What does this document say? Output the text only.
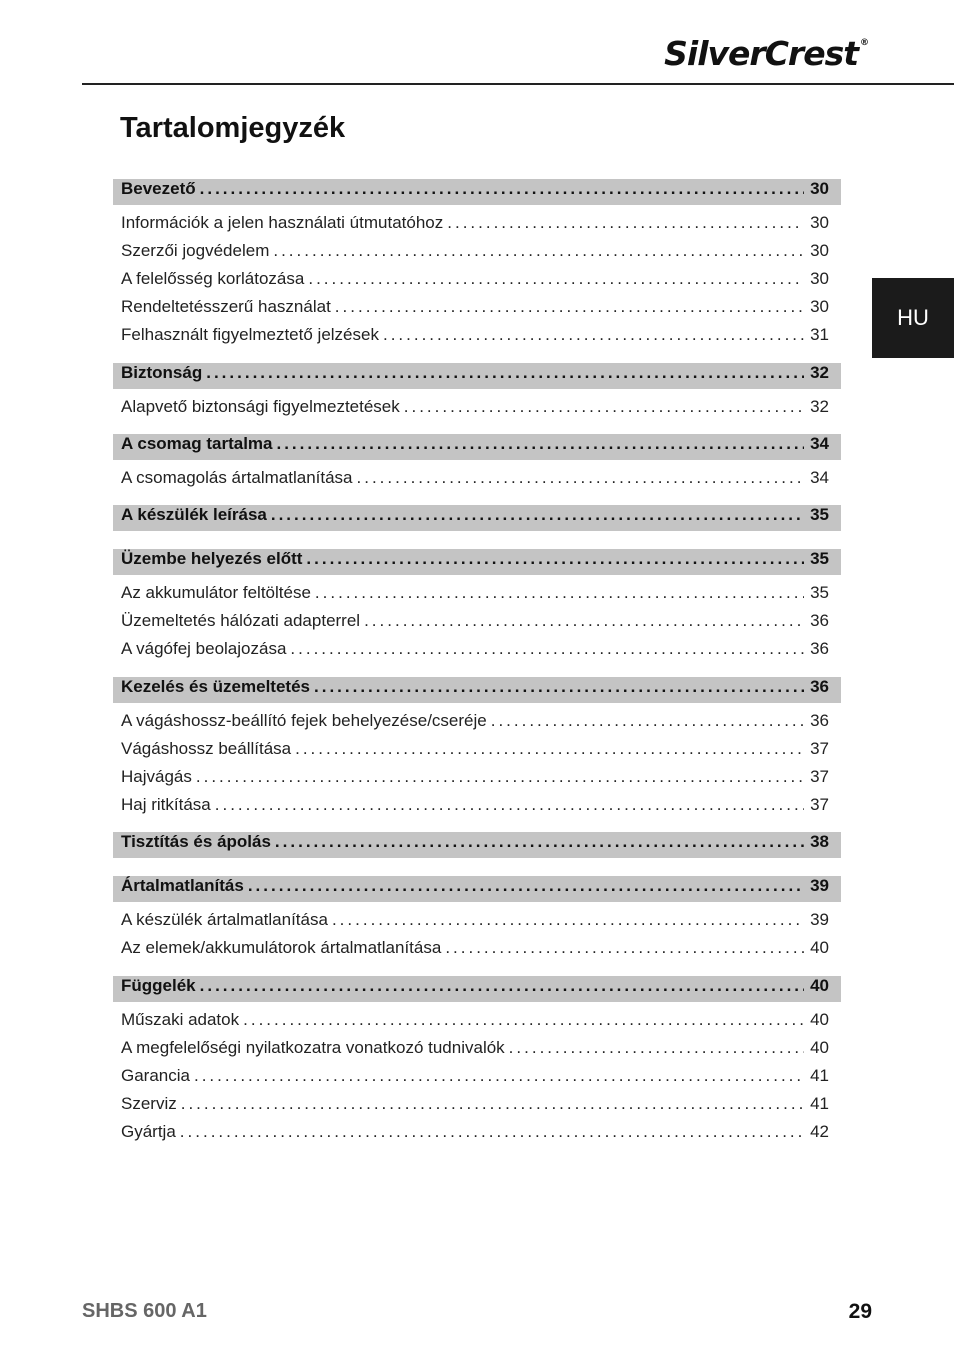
SilverCrest ®
Tartalomjegyzék
HU
Bevezető .....	30
Információk a jelen használati útmutatóhoz .....	30
Szerzői jogvédelem .....	30
A felelősség korlátozása .....	30
Rendeltetésszerű használat .....	30
Felhasznált figyelmeztető jelzések .....	31
Biztonság .....	32
Alapvető biztonsági figyelmeztetések .....	32
A csomag tartalma .....	34
A csomagolás ártalmatlanítása .....	34
A készülék leírása .....	35
Üzembe helyezés előtt .....	35
Az akkumulátor feltöltése .....	35
Üzemeltetés hálózati adapterrel .....	36
A vágófej beolajozása .....	36
Kezelés és üzemeltetés .....	36
A vágáshossz-beállító fejek behelyezése/cseréje .....	36
Vágáshossz beállítása .....	37
Hajvágás .....	37
Haj ritkítása .....	37
Tisztítás és ápolás .....	38
Ártalmatlanítás .....	39
A készülék ártalmatlanítása .....	39
Az elemek/akkumulátorok ártalmatlanítása .....	40
Függelék .....	40
Műszaki adatok .....	40
A megfelelőségi nyilatkozatra vonatkozó tudnivalók .....	40
Garancia .....	41
Szerviz .....	41
Gyártja .....	42
SHBS 600 A1	29
